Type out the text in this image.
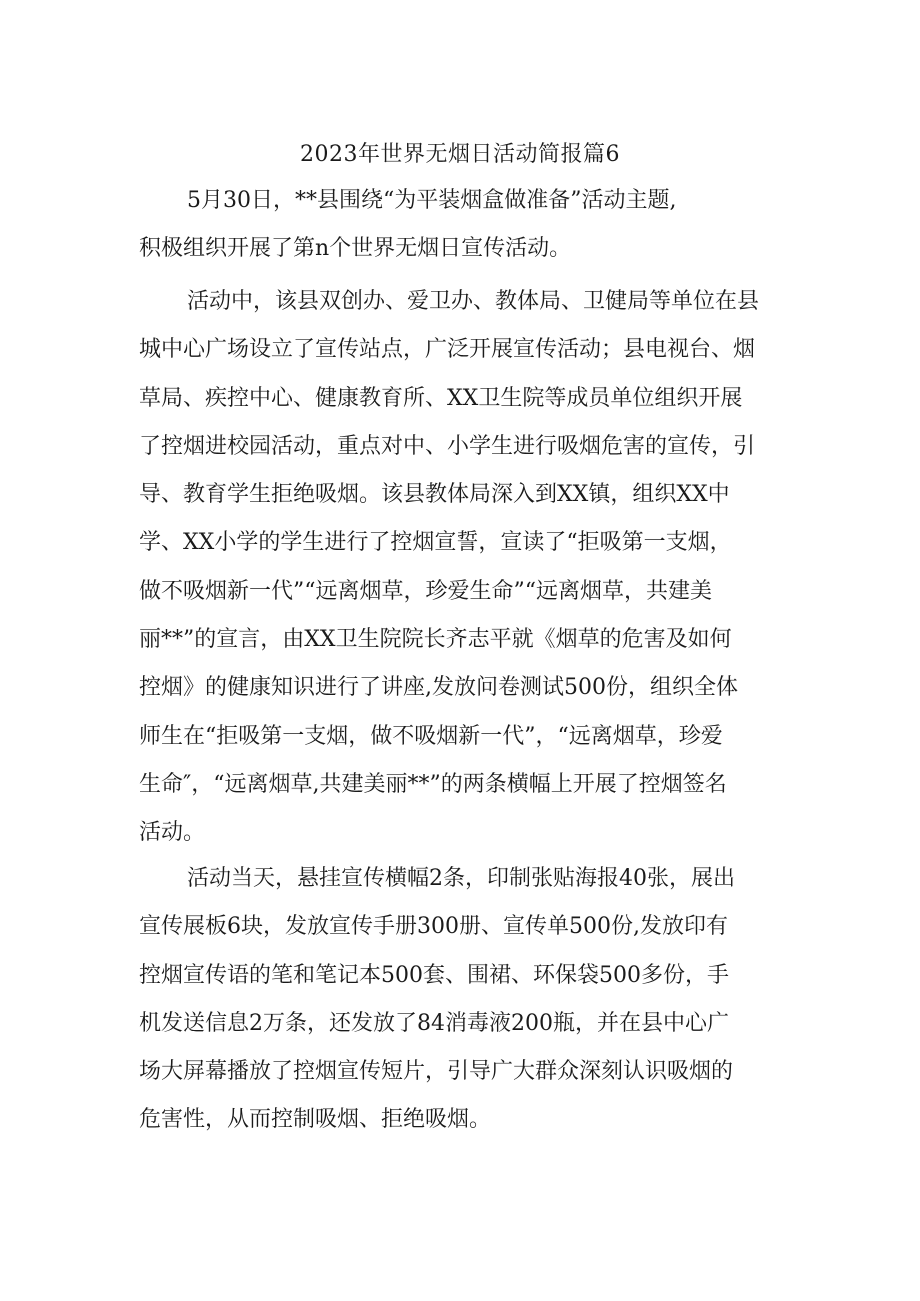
2023年世界无烟日活动简报篇6
5月30日，**县围绕“为平装烟盒做准备”活动主题,
积极组织开展了第n个世界无烟日宣传活动。
活动中，该县双创办、爱卫办、教体局、卫健局等单位在县
城中心广场设立了宣传站点，广泛开展宣传活动；县电视台、烟
草局、疾控中心、健康教育所、XX卫生院等成员单位组织开展
了控烟进校园活动，重点对中、小学生进行吸烟危害的宣传，引
导、教育学生拒绝吸烟。该县教体局深入到XX镇，组织XX中
学、XX小学的学生进行了控烟宣誓，宣读了“拒吸第一支烟，
做不吸烟新一代”“远离烟草，珍爱生命”“远离烟草，共建美
丽**”的宣言，由XX卫生院院长齐志平就《烟草的危害及如何
控烟》的健康知识进行了讲座,发放问卷测试500份，组织全体
师生在“拒吸第一支烟，做不吸烟新一代”，“远离烟草，珍爱
生命″，“远离烟草,共建美丽**”的两条横幅上开展了控烟签名
活动。
活动当天，悬挂宣传横幅2条，印制张贴海报40张，展出
宣传展板6块，发放宣传手册300册、宣传单500份,发放印有
控烟宣传语的笔和笔记本500套、围裙、环保袋500多份，手
机发送信息2万条，还发放了84消毒液200瓶，并在县中心广
场大屏幕播放了控烟宣传短片，引导广大群众深刻认识吸烟的
危害性，从而控制吸烟、拒绝吸烟。
